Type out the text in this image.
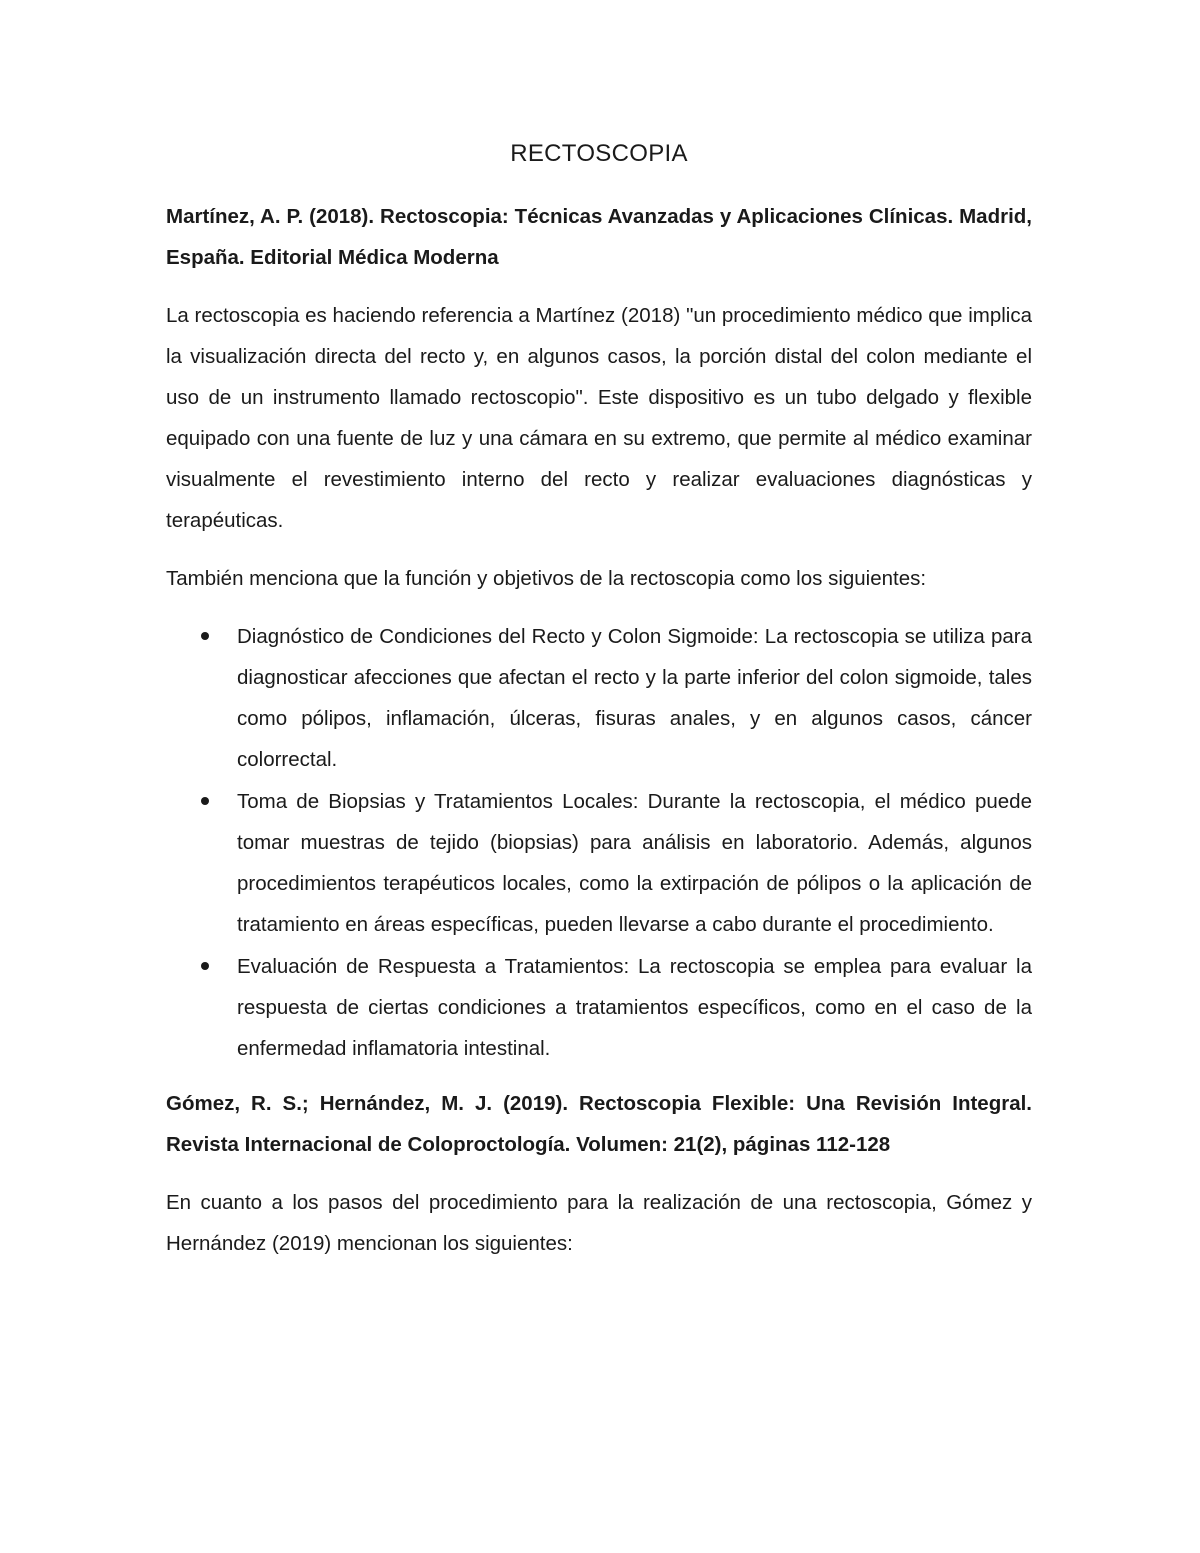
RECTOSCOPIA

Martínez, A. P. (2018). Rectoscopia: Técnicas Avanzadas y Aplicaciones Clínicas. Madrid, España. Editorial Médica Moderna

La rectoscopia es haciendo referencia a Martínez (2018) "un procedimiento médico que implica la visualización directa del recto y, en algunos casos, la porción distal del colon mediante el uso de un instrumento llamado rectoscopio". Este dispositivo es un tubo delgado y flexible equipado con una fuente de luz y una cámara en su extremo, que permite al médico examinar visualmente el revestimiento interno del recto y realizar evaluaciones diagnósticas y terapéuticas.

También menciona que la función y objetivos de la rectoscopia como los siguientes:

Diagnóstico de Condiciones del Recto y Colon Sigmoide: La rectoscopia se utiliza para diagnosticar afecciones que afectan el recto y la parte inferior del colon sigmoide, tales como pólipos, inflamación, úlceras, fisuras anales, y en algunos casos, cáncer colorrectal.
Toma de Biopsias y Tratamientos Locales: Durante la rectoscopia, el médico puede tomar muestras de tejido (biopsias) para análisis en laboratorio. Además, algunos procedimientos terapéuticos locales, como la extirpación de pólipos o la aplicación de tratamiento en áreas específicas, pueden llevarse a cabo durante el procedimiento.
Evaluación de Respuesta a Tratamientos: La rectoscopia se emplea para evaluar la respuesta de ciertas condiciones a tratamientos específicos, como en el caso de la enfermedad inflamatoria intestinal.

Gómez, R. S.; Hernández, M. J. (2019). Rectoscopia Flexible: Una Revisión Integral. Revista Internacional de Coloproctología. Volumen: 21(2), páginas 112-128

En cuanto a los pasos del procedimiento para la realización de una rectoscopia, Gómez y Hernández (2019) mencionan los siguientes:
